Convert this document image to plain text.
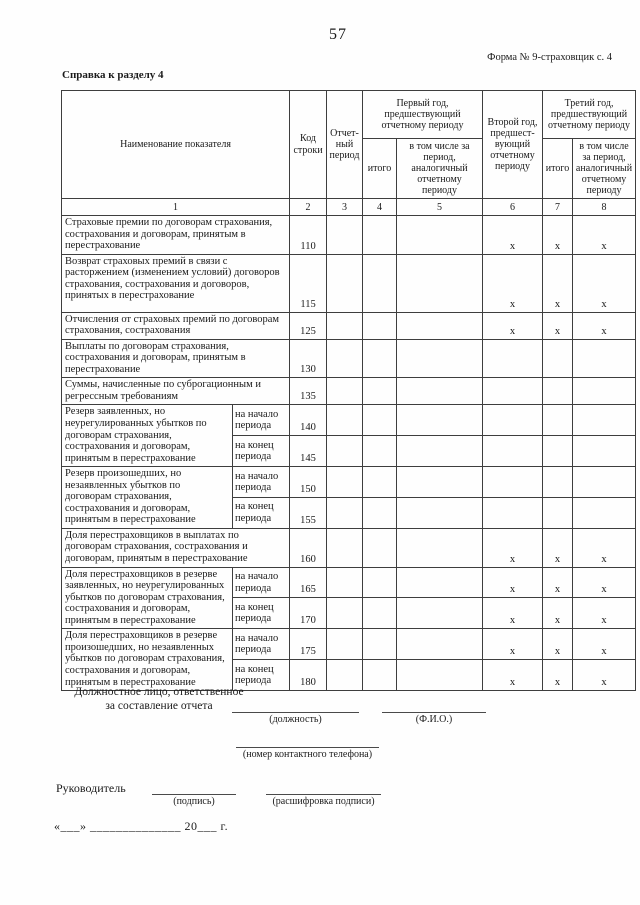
57
Форма № 9-страховщик с. 4
Справка к разделу 4
Наименование показателя		Код строки	Отчет-ный период	Первый год, предшествующий отчетному периоду		Второй год, предшест-вующий отчетному периоду	Третий год, предшествующий отчетному периоду	
				итого	в том числе за период, аналогичный отчетному периоду		итого	в том числе за период, аналогичный отчетному периоду
1		2	3	4	5	6	7	8
Страховые премии по договорам страхования, сострахования и договорам, принятым в перестрахование		110				x	x	x
Возврат страховых премий в связи с расторжением (изменением условий) договоров страхования, сострахования и договоров, принятых в перестрахование		115				x	x	x
Отчисления от страховых премий по договорам страхования, сострахования		125				x	x	x
Выплаты по договорам страхования, сострахования и договорам, принятым в перестрахование		130						
Суммы, начисленные по суброгационным и регрессным требованиям		135						
Резерв заявленных, но неурегулированных убытков по договорам страхования, сострахования и договорам, принятым в перестрахование	на начало периода	140						
	на конец периода	145						
Резерв произошедших, но незаявленных убытков по договорам страхования, сострахования и договорам, принятым в перестрахование	на начало периода	150						
	на конец периода	155						
Доля перестраховщиков в выплатах по договорам страхования, сострахования и договорам, принятым в перестрахование		160				x	x	x
Доля перестраховщиков в резерве заявленных, но неурегулированных убытков по договорам страхования, сострахования и договорам, принятым в перестрахование	на начало периода	165				x	x	x
	на конец периода	170				x	x	x
Доля перестраховщиков в резерве произошедших, но незаявленных убытков по договорам страхования, сострахования и договорам, принятым в перестрахование	на начало периода	175				x	x	x
	на конец периода	180				x	x	x
Должностное лицо, ответственное
за составление отчета
(должность)	(Ф.И.О.)
(номер контактного телефона)
Руководитель
(подпись)	(расшифровка подписи)
«___» ______________ 20___ г.
